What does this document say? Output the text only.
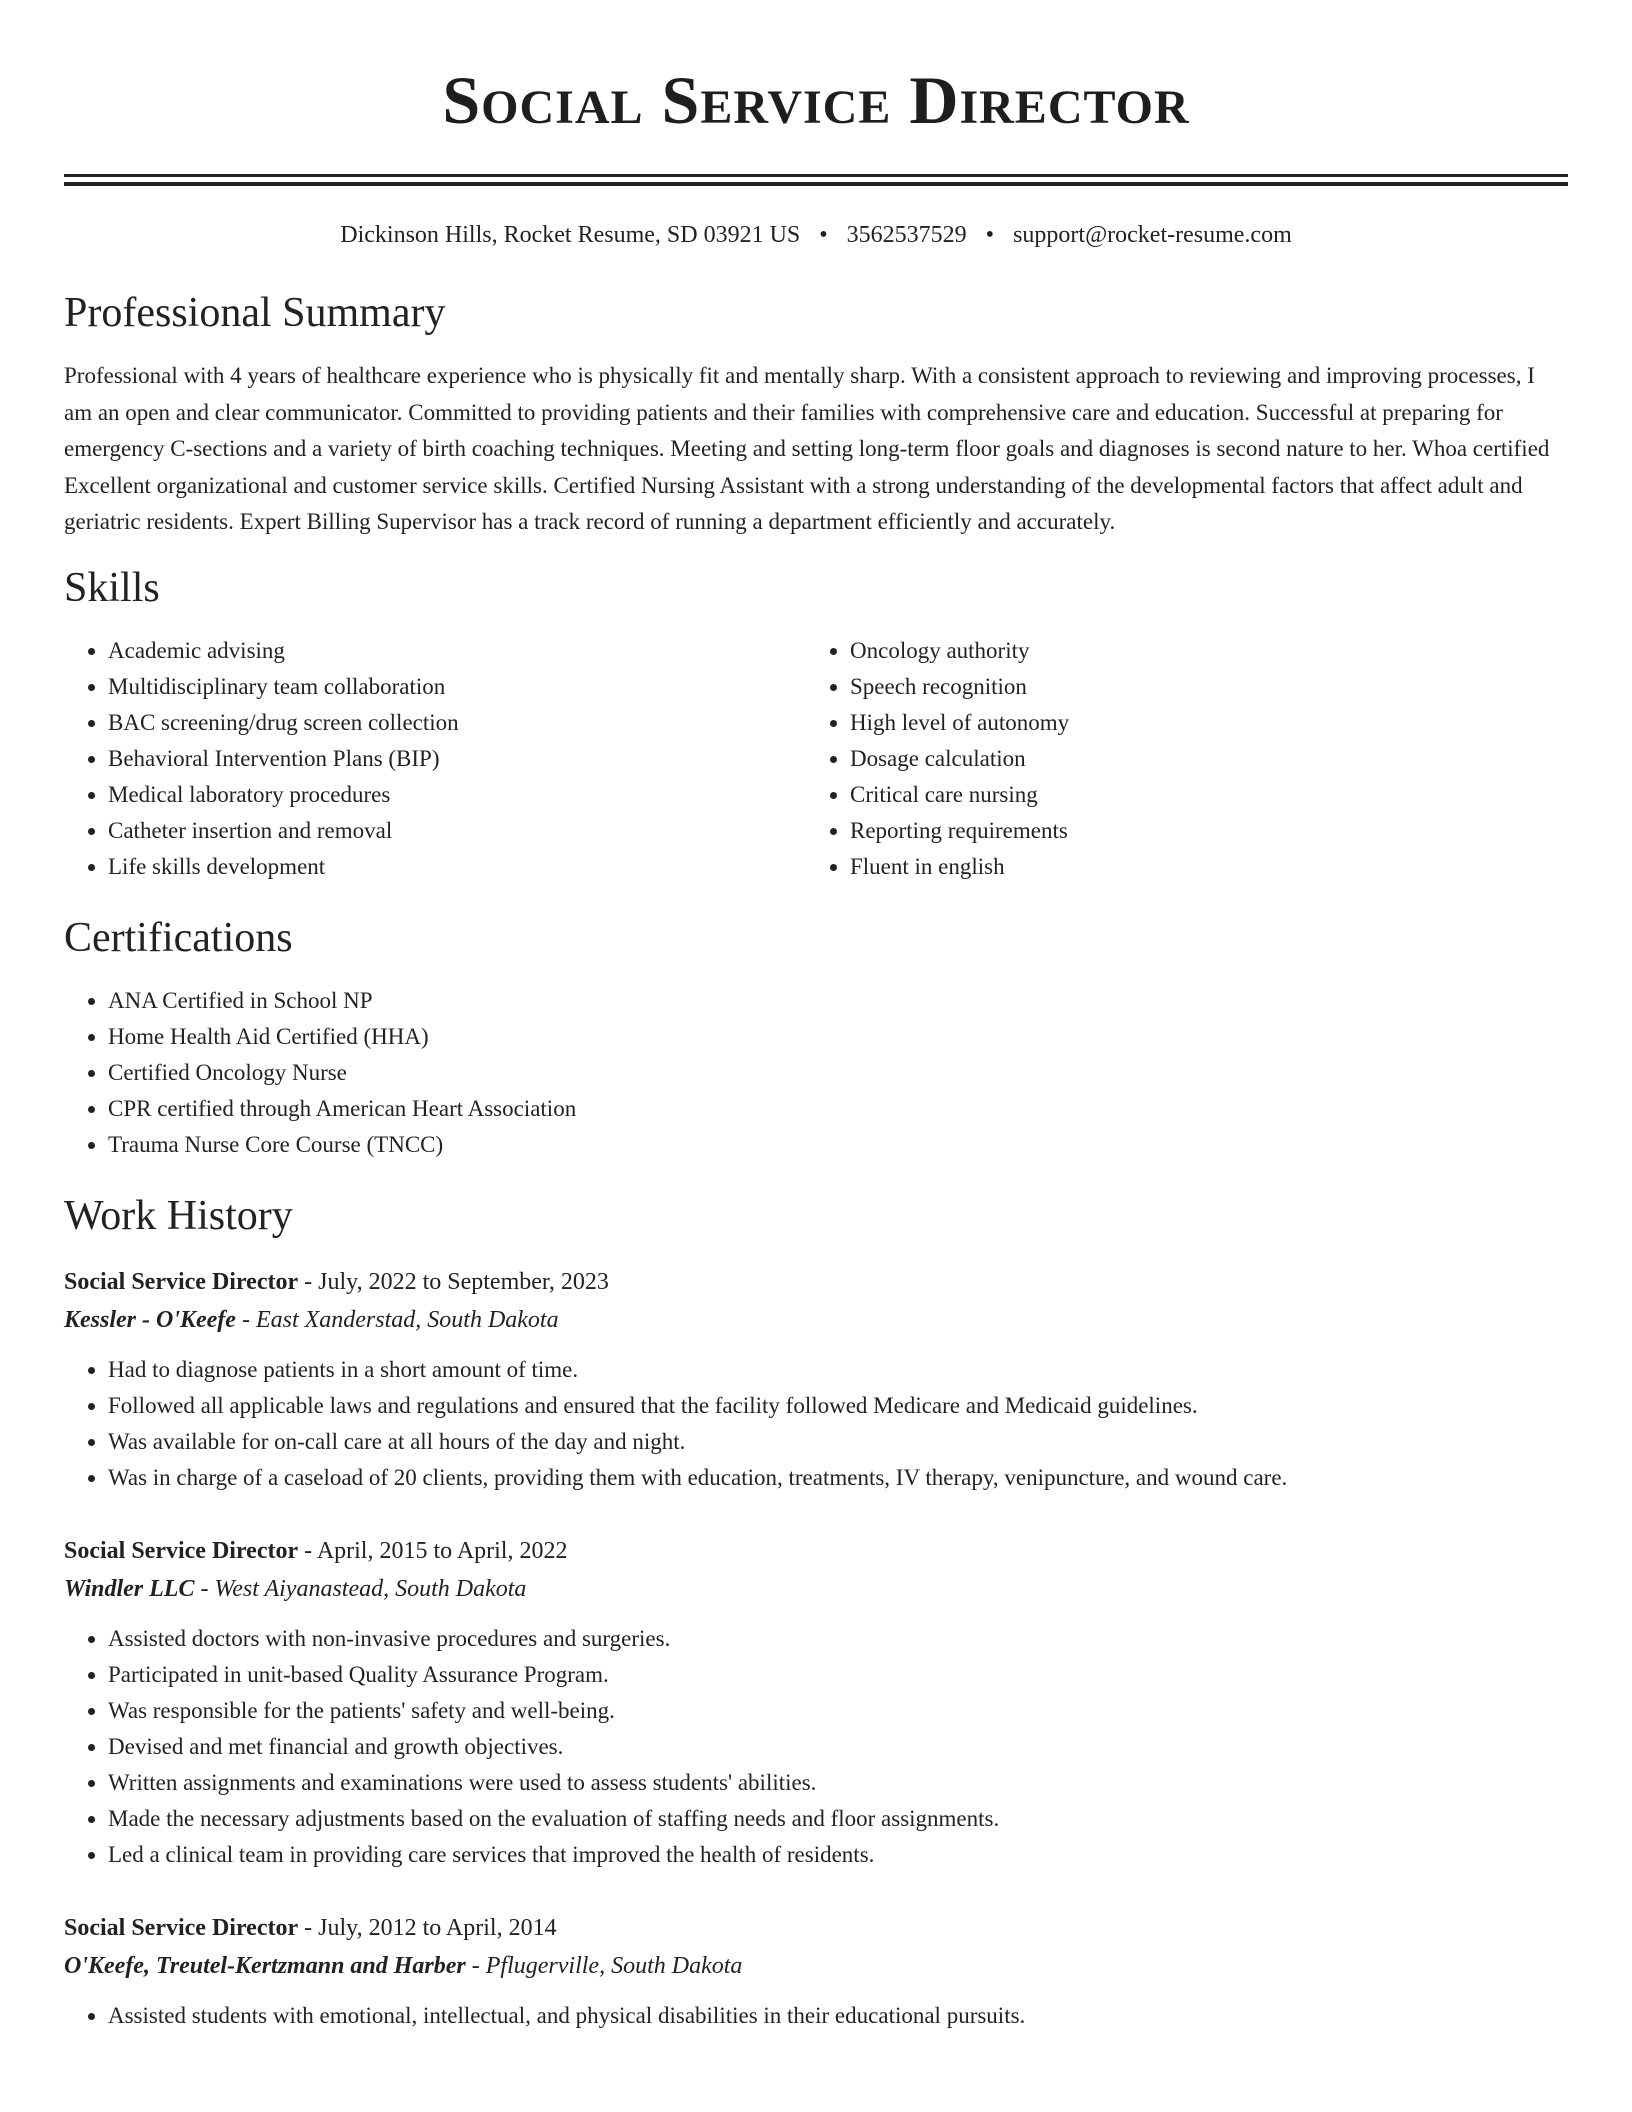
Social Service Director
Dickinson Hills, Rocket Resume, SD 03921 US • 3562537529 • support@rocket-resume.com
Professional Summary

Professional with 4 years of healthcare experience who is physically fit and mentally sharp. With a consistent approach to reviewing and improving processes, I am an open and clear communicator. Committed to providing patients and their families with comprehensive care and education. Successful at preparing for emergency C-sections and a variety of birth coaching techniques. Meeting and setting long-term floor goals and diagnoses is second nature to her. Whoa certified Excellent organizational and customer service skills. Certified Nursing Assistant with a strong understanding of the developmental factors that affect adult and geriatric residents. Expert Billing Supervisor has a track record of running a department efficiently and accurately.

Skills
• Academic advising
• Multidisciplinary team collaboration
• BAC screening/drug screen collection
• Behavioral Intervention Plans (BIP)
• Medical laboratory procedures
• Catheter insertion and removal
• Life skills development
• Oncology authority
• Speech recognition
• High level of autonomy
• Dosage calculation
• Critical care nursing
• Reporting requirements
• Fluent in english
Certifications
• ANA Certified in School NP
• Home Health Aid Certified (HHA)
• Certified Oncology Nurse
• CPR certified through American Heart Association
• Trauma Nurse Core Course (TNCC)
Work History
Social Service Director - July, 2022 to September, 2023
Kessler - O'Keefe - East Xanderstad, South Dakota
• Had to diagnose patients in a short amount of time.
• Followed all applicable laws and regulations and ensured that the facility followed Medicare and Medicaid guidelines.
• Was available for on-call care at all hours of the day and night.
• Was in charge of a caseload of 20 clients, providing them with education, treatments, IV therapy, venipuncture, and wound care.
Social Service Director - April, 2015 to April, 2022
Windler LLC - West Aiyanastead, South Dakota
• Assisted doctors with non-invasive procedures and surgeries.
• Participated in unit-based Quality Assurance Program.
• Was responsible for the patients' safety and well-being.
• Devised and met financial and growth objectives.
• Written assignments and examinations were used to assess students' abilities.
• Made the necessary adjustments based on the evaluation of staffing needs and floor assignments.
• Led a clinical team in providing care services that improved the health of residents.
Social Service Director - July, 2012 to April, 2014
O'Keefe, Treutel-Kertzmann and Harber - Pflugerville, South Dakota
• Assisted students with emotional, intellectual, and physical disabilities in their educational pursuits.
